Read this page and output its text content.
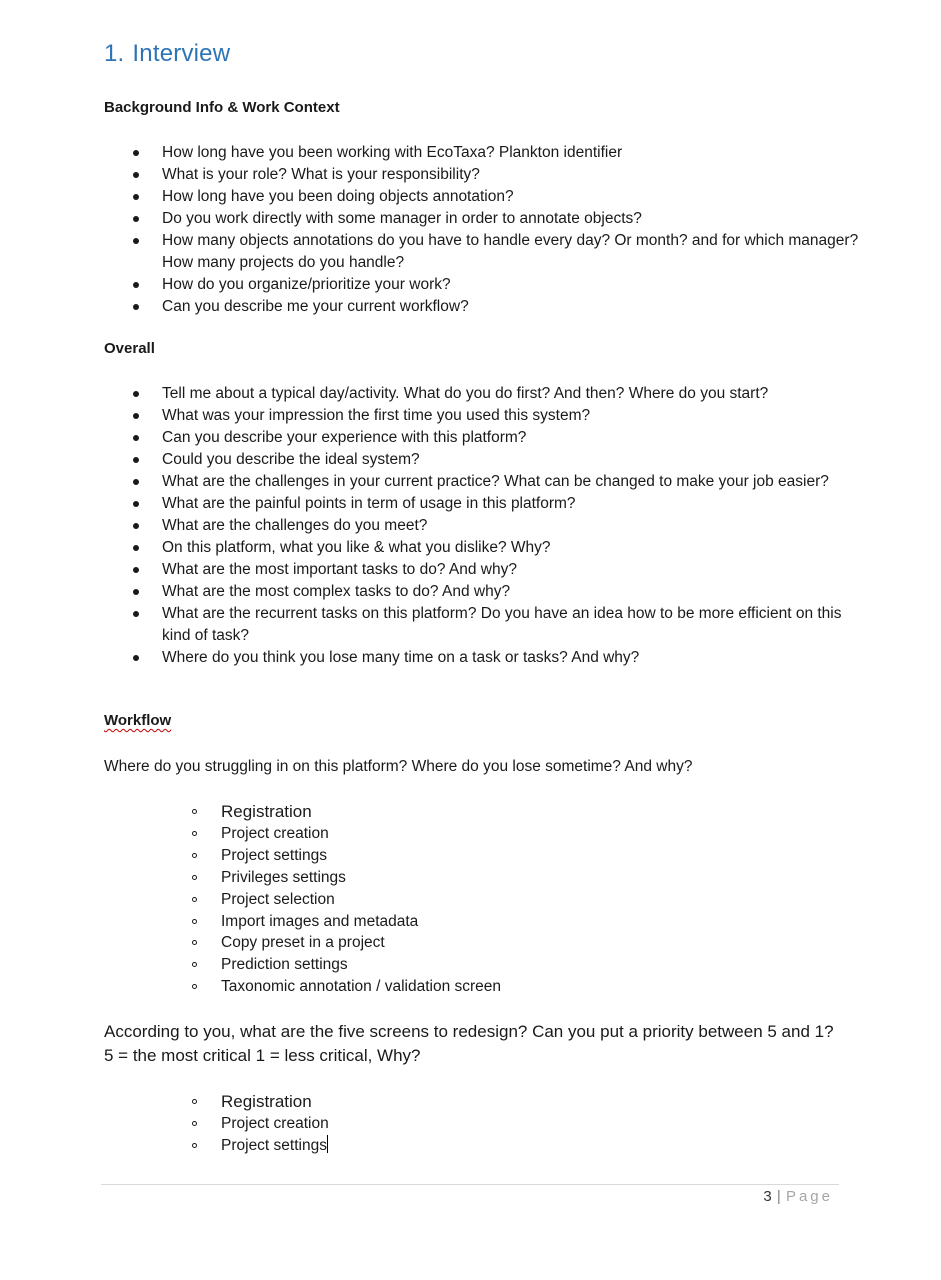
1. Interview
Background Info & Work Context
How long have you been working with EcoTaxa? Plankton identifier
What is your role? What is your responsibility?
How long have you been doing objects annotation?
Do you work directly with some manager in order to annotate objects?
How many objects annotations do you have to handle every day? Or month? and for which manager? How many projects do you handle?
How do you organize/prioritize your work?
Can you describe me your current workflow?
Overall
Tell me about a typical day/activity. What do you do first? And then? Where do you start?
What was your impression the first time you used this system?
Can you describe your experience with this platform?
Could you describe the ideal system?
What are the challenges in your current practice? What can be changed to make your job easier?
What are the painful points in term of usage in this platform?
What are the challenges do you meet?
On this platform, what you like & what you dislike? Why?
What are the most important tasks to do? And why?
What are the most complex tasks to do? And why?
What are the recurrent tasks on this platform? Do you have an idea how to be more efficient on this kind of task?
Where do you think you lose many time on a task or tasks? And why?
Workflow

Where do you struggling in on this platform? Where do you lose sometime? And why?

Registration
Project creation
Project settings
Privileges settings
Project selection
Import images and metadata
Copy preset in a project
Prediction settings
Taxonomic annotation / validation screen

According to you, what are the five screens to redesign? Can you put a priority between 5 and 1? 5 = the most critical 1 = less critical, Why?

Registration
Project creation
Project settings
3 | Page
